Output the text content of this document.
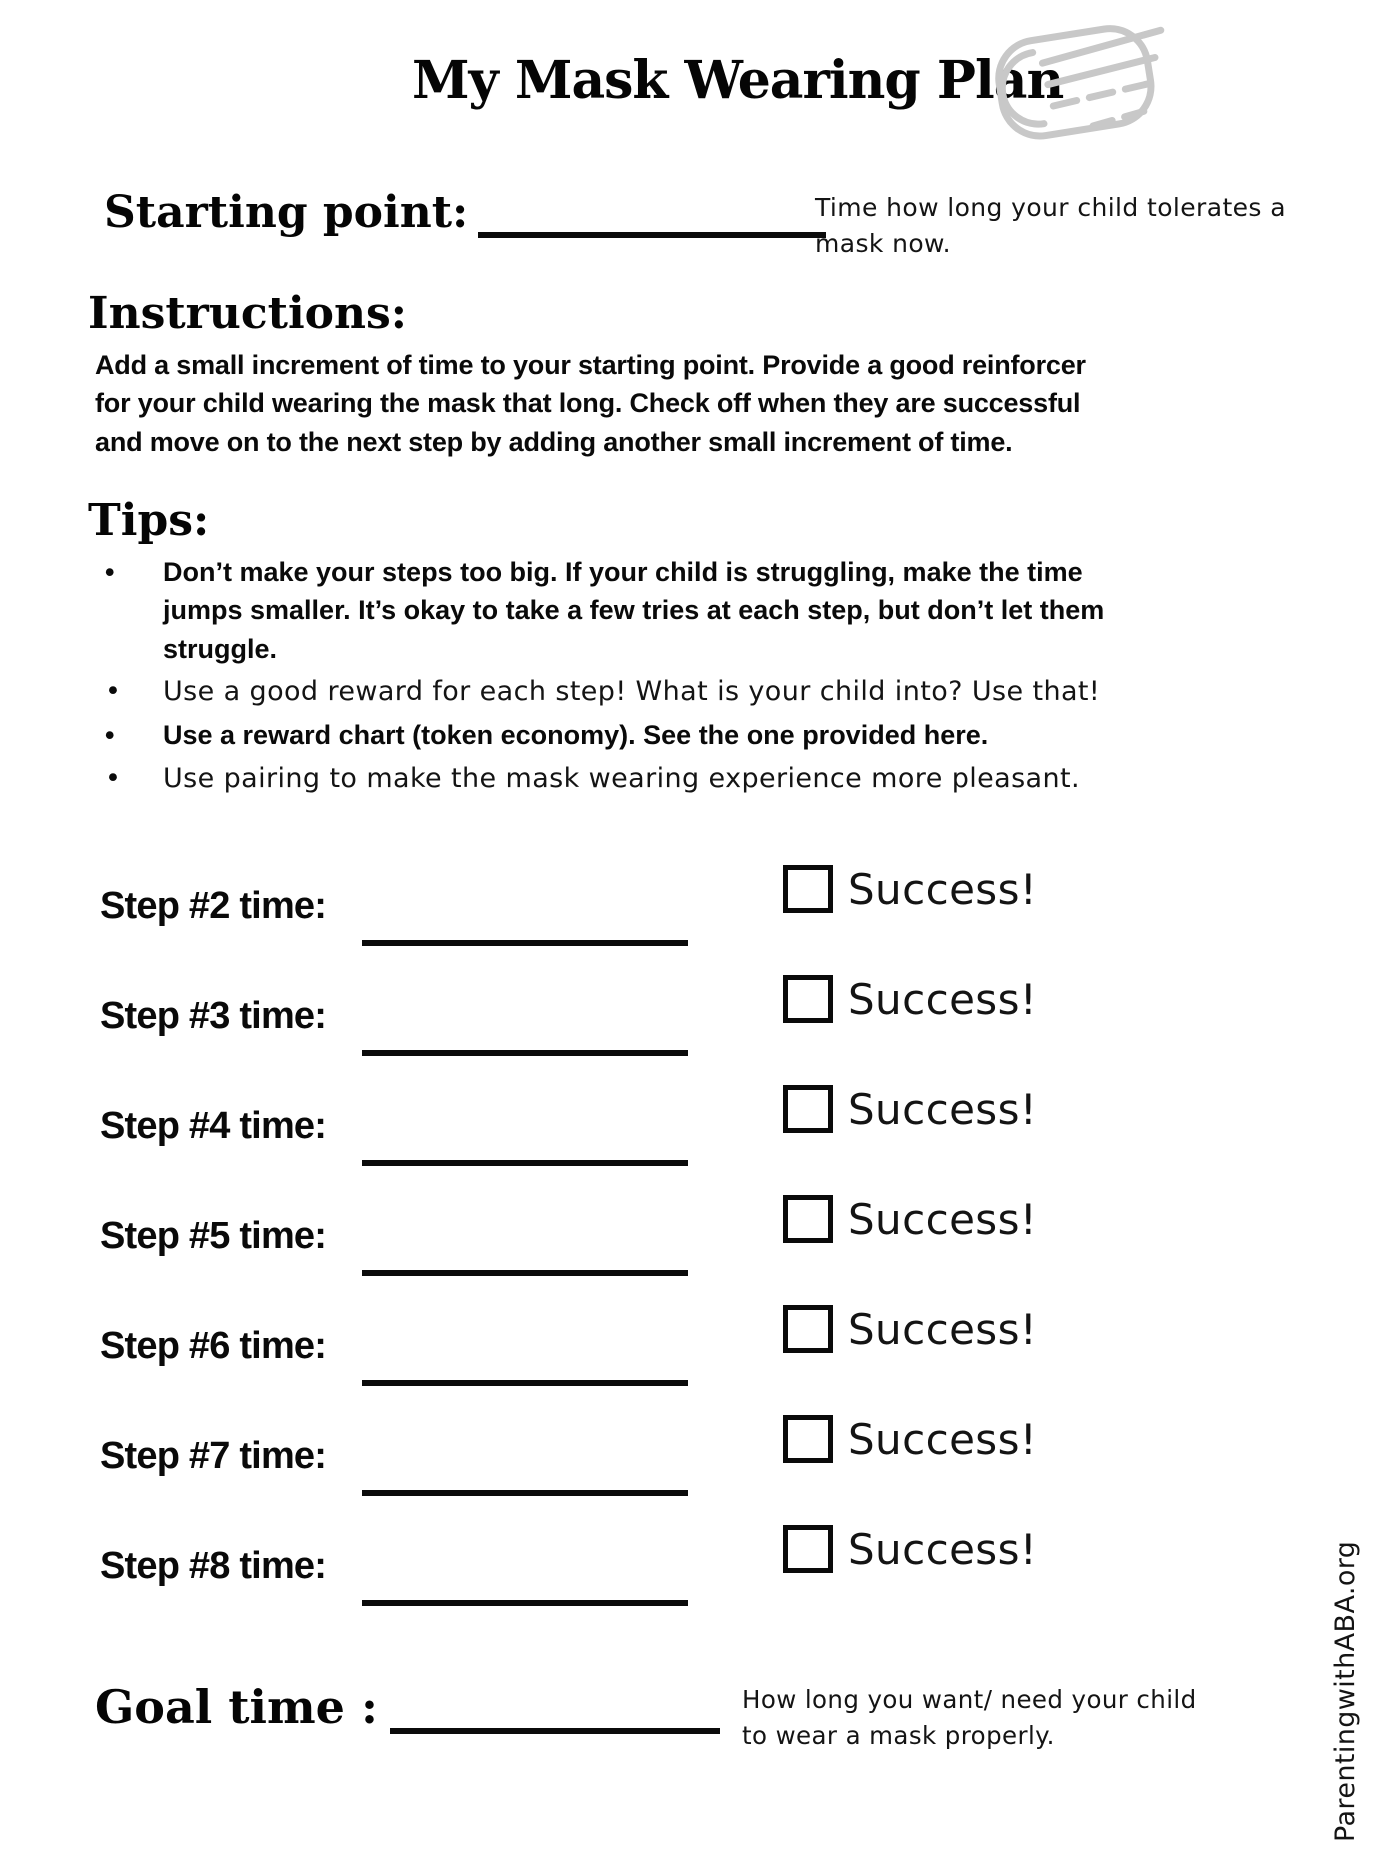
My Mask Wearing Plan
Starting point:	Time how long your child tolerates a mask now.
Instructions:
Add a small increment of time to your starting point. Provide a good reinforcer for your child wearing the mask that long. Check off when they are successful and move on to the next step by adding another small increment of time.
Tips:
• Don’t make your steps too big. If your child is struggling, make the time jumps smaller. It’s okay to take a few tries at each step, but don’t let them struggle.
• Use a good reward for each step! What is your child into? Use that!
• Use a reward chart (token economy). See the one provided here.
• Use pairing to make the mask wearing experience more pleasant.
Step #2 time:	Success!
Step #3 time:	Success!
Step #4 time:	Success!
Step #5 time:	Success!
Step #6 time:	Success!
Step #7 time:	Success!
Step #8 time:	Success!
Goal time :	How long you want/ need your child to wear a mask properly.	ParentingwithABA.org
